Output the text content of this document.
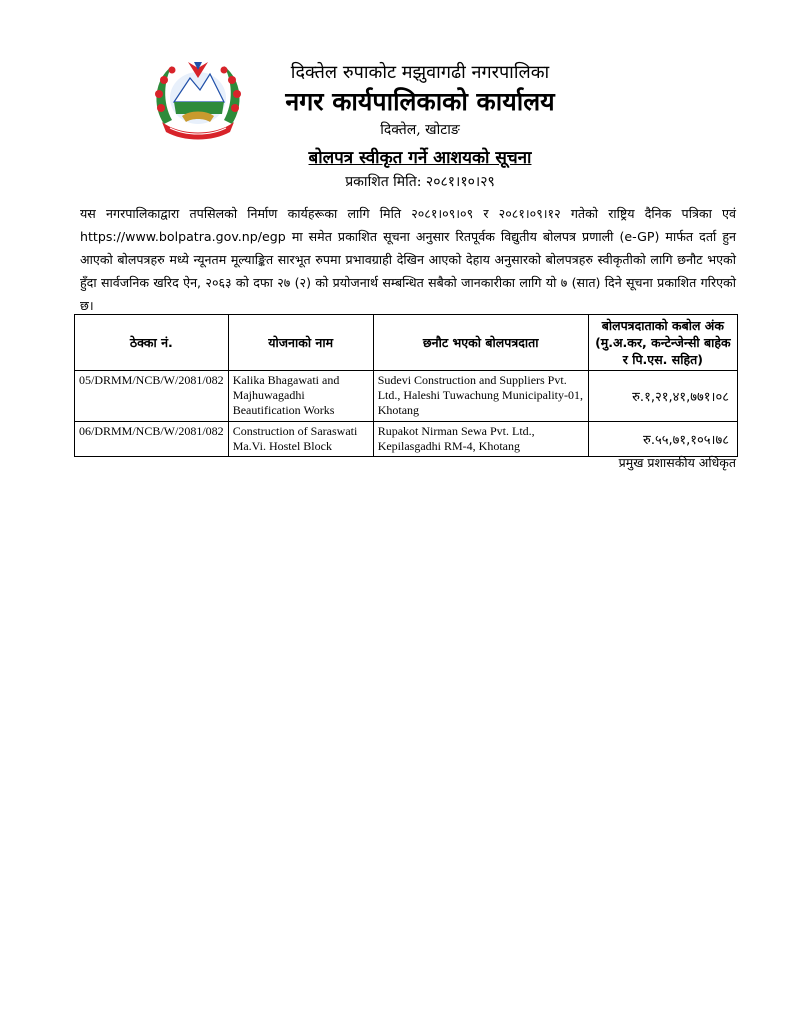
दिक्तेल रुपाकोट मझुवागढी नगरपालिका
नगर कार्यपालिकाको कार्यालय
दिक्तेल, खोटाङ
बोलपत्र स्वीकृत गर्ने आशयको सूचना
प्रकाशित मिति: २०८१।१०।२९
यस नगरपालिकाद्वारा तपसिलको निर्माण कार्यहरूका लागि मिति २०८१।०९।०९ र २०८१।०९।१२ गतेको राष्ट्रिय दैनिक पत्रिका एवं https://www.bolpatra.gov.np/egp मा समेत प्रकाशित सूचना अनुसार रितपूर्वक विद्युतीय बोलपत्र प्रणाली (e-GP) मार्फत दर्ता हुन आएको बोलपत्रहरु मध्ये न्यूनतम मूल्याङ्कित सारभूत रुपमा प्रभावग्राही देखिन आएको देहाय अनुसारको बोलपत्रहरु स्वीकृतीको लागि छनौट भएको हुँदा सार्वजनिक खरिद ऐन, २०६३ को दफा २७ (२) को प्रयोजनार्थ सम्बन्धित सबैको जानकारीका लागि यो ७ (सात) दिने सूचना प्रकाशित गरिएको छ।
ठेक्का नं.	योजनाको नाम	छनौट भएको बोलपत्रदाता	बोलपत्रदाताको कबोल अंक (मु.अ.कर, कन्टेन्जेन्सी बाहेक र पि.एस. सहित)
05/DRMM/NCB/W/2081/082	Kalika Bhagawati and Majhuwagadhi Beautification Works	Sudevi Construction and Suppliers Pvt. Ltd., Haleshi Tuwachung Municipality-01, Khotang	रु.१,२१,४१,७७१।०८
06/DRMM/NCB/W/2081/082	Construction of Saraswati Ma.Vi. Hostel Block	Rupakot Nirman Sewa Pvt. Ltd., Kepilasgadhi RM-4, Khotang	रु.५५,७१,१०५।७८
प्रमुख प्रशासकीय अधिकृत
